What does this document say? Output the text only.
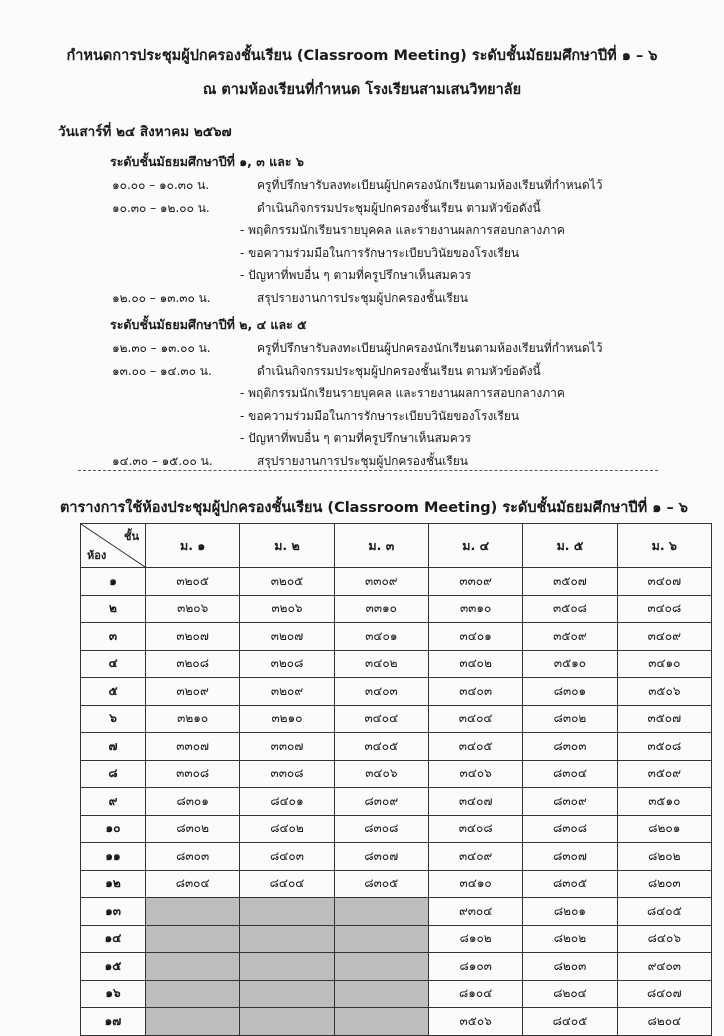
กำหนดการประชุมผู้ปกครองชั้นเรียน (Classroom Meeting) ระดับชั้นมัธยมศึกษาปีที่ ๑ – ๖
ณ ตามห้องเรียนที่กำหนด โรงเรียนสามเสนวิทยาลัย
วันเสาร์ที่ ๒๔ สิงหาคม ๒๕๖๗
ระดับชั้นมัธยมศึกษาปีที่ ๑, ๓ และ ๖
๑๐.๐๐ – ๑๐.๓๐ น.	ครูที่ปรึกษารับลงทะเบียนผู้ปกครองนักเรียนตามห้องเรียนที่กำหนดไว้
๑๐.๓๐ – ๑๒.๐๐ น.	ดำเนินกิจกรรมประชุมผู้ปกครองชั้นเรียน ตามหัวข้อดังนี้
- พฤติกรรมนักเรียนรายบุคคล และรายงานผลการสอบกลางภาค
- ขอความร่วมมือในการรักษาระเบียบวินัยของโรงเรียน
- ปัญหาที่พบอื่น ๆ ตามที่ครูปรึกษาเห็นสมควร
๑๒.๐๐ – ๑๓.๓๐ น.	สรุปรายงานการประชุมผู้ปกครองชั้นเรียน
ระดับชั้นมัธยมศึกษาปีที่ ๒, ๔ และ ๕
๑๒.๓๐ – ๑๓.๐๐ น.	ครูที่ปรึกษารับลงทะเบียนผู้ปกครองนักเรียนตามห้องเรียนที่กำหนดไว้
๑๓.๐๐ – ๑๔.๓๐ น.	ดำเนินกิจกรรมประชุมผู้ปกครองชั้นเรียน ตามหัวข้อดังนี้
- พฤติกรรมนักเรียนรายบุคคล และรายงานผลการสอบกลางภาค
- ขอความร่วมมือในการรักษาระเบียบวินัยของโรงเรียน
- ปัญหาที่พบอื่น ๆ ตามที่ครูปรึกษาเห็นสมควร
๑๔.๓๐ – ๑๕.๐๐ น.	สรุปรายงานการประชุมผู้ปกครองชั้นเรียน
ตารางการใช้ห้องประชุมผู้ปกครองชั้นเรียน (Classroom Meeting) ระดับชั้นมัธยมศึกษาปีที่ ๑ – ๖
ชั้น
ห้อง	ม. ๑	ม. ๒	ม. ๓	ม. ๔	ม. ๕	ม. ๖
๑	๓๒๐๕	๓๒๐๕	๓๓๐๙	๓๓๐๙	๓๕๐๗	๓๔๐๗
๒	๓๒๐๖	๓๒๐๖	๓๓๑๐	๓๓๑๐	๓๕๐๘	๓๔๐๘
๓	๓๒๐๗	๓๒๐๗	๓๔๐๑	๓๔๐๑	๓๕๐๙	๓๔๐๙
๔	๓๒๐๘	๓๒๐๘	๓๔๐๒	๓๔๐๒	๓๕๑๐	๓๔๑๐
๕	๓๒๐๙	๓๒๐๙	๓๔๐๓	๓๔๐๓	๘๓๐๑	๓๕๐๖
๖	๓๒๑๐	๓๒๑๐	๓๔๐๔	๓๔๐๔	๘๓๐๒	๓๕๐๗
๗	๓๓๐๗	๓๓๐๗	๓๔๐๕	๓๔๐๕	๘๓๐๓	๓๕๐๘
๘	๓๓๐๘	๓๓๐๘	๓๔๐๖	๓๔๐๖	๘๓๐๔	๓๕๐๙
๙	๘๓๐๑	๘๔๐๑	๘๓๐๙	๓๔๐๗	๘๓๐๙	๓๕๑๐
๑๐	๘๓๐๒	๘๔๐๒	๘๓๐๘	๓๔๐๘	๘๓๐๘	๘๒๐๑
๑๑	๘๓๐๓	๘๔๐๓	๘๓๐๗	๓๔๐๙	๘๓๐๗	๘๒๐๒
๑๒	๘๓๐๔	๘๔๐๔	๘๓๐๕	๓๔๑๐	๘๓๐๕	๘๒๐๓
๑๓				๙๓๐๔	๘๒๐๑	๘๔๐๕
๑๔				๘๑๐๒	๘๒๐๒	๘๔๐๖
๑๕				๘๑๐๓	๘๒๐๓	๙๔๐๓
๑๖				๘๑๐๔	๘๒๐๔	๘๔๐๗
๑๗				๓๕๐๖	๘๔๐๕	๘๒๐๔
